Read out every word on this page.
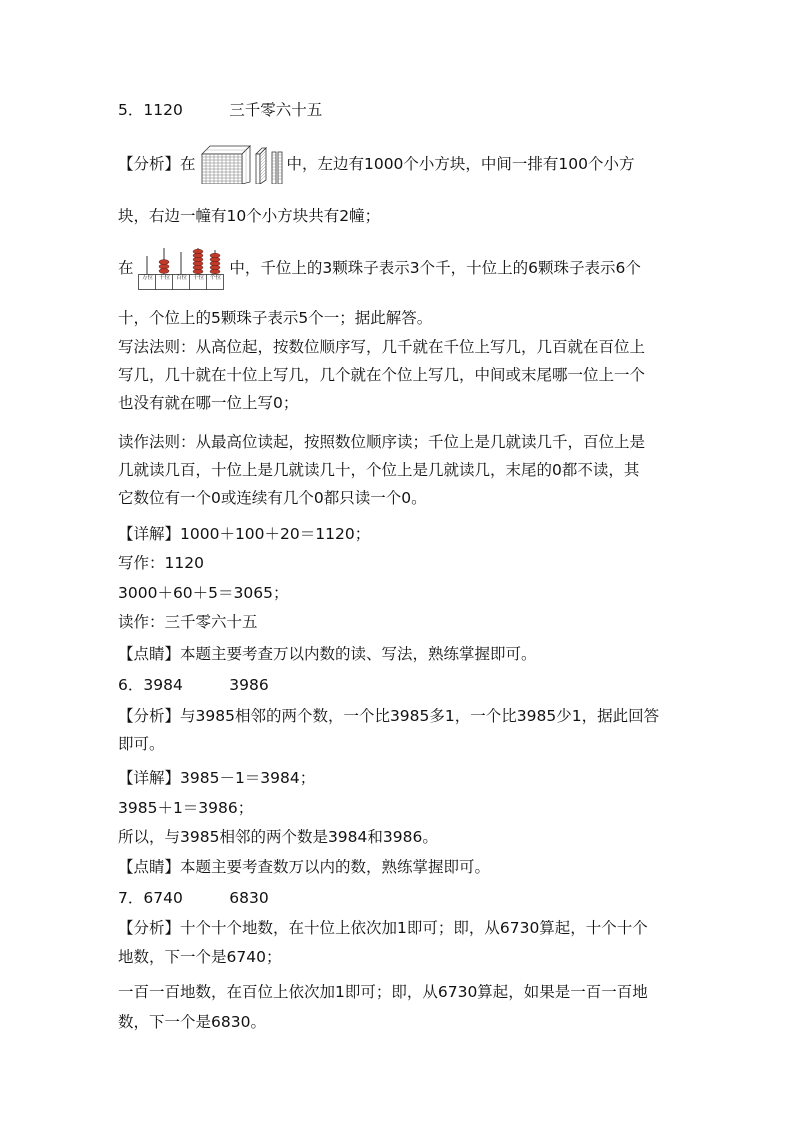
5．1120　　　三千零六十五
【分析】在	中，左边有1000个小方块，中间一排有100个小方
块，右边一幢有10个小方块共有2幢；
在
万位	千位	百位	十位	个位
中，千位上的3颗珠子表示3个千，十位上的6颗珠子表示6个
十，个位上的5颗珠子表示5个一；据此解答。
写法法则：从高位起，按数位顺序写，几千就在千位上写几，几百就在百位上
写几，几十就在十位上写几，几个就在个位上写几，中间或末尾哪一位上一个
也没有就在哪一位上写0；
读作法则：从最高位读起，按照数位顺序读；千位上是几就读几千，百位上是
几就读几百，十位上是几就读几十，个位上是几就读几，末尾的0都不读，其
它数位有一个0或连续有几个0都只读一个0。
【详解】1000＋100＋20＝1120；
写作：1120
3000＋60＋5＝3065；
读作：三千零六十五
【点睛】本题主要考查万以内数的读、写法，熟练掌握即可。
6．3984　　　3986
【分析】与3985相邻的两个数，一个比3985多1，一个比3985少1，据此回答
即可。
【详解】3985－1＝3984；
3985＋1＝3986；
所以，与3985相邻的两个数是3984和3986。
【点睛】本题主要考查数万以内的数，熟练掌握即可。
7．6740　　　6830
【分析】十个十个地数，在十位上依次加1即可；即，从6730算起，十个十个
地数，下一个是6740；
一百一百地数，在百位上依次加1即可；即，从6730算起，如果是一百一百地
数，下一个是6830。
